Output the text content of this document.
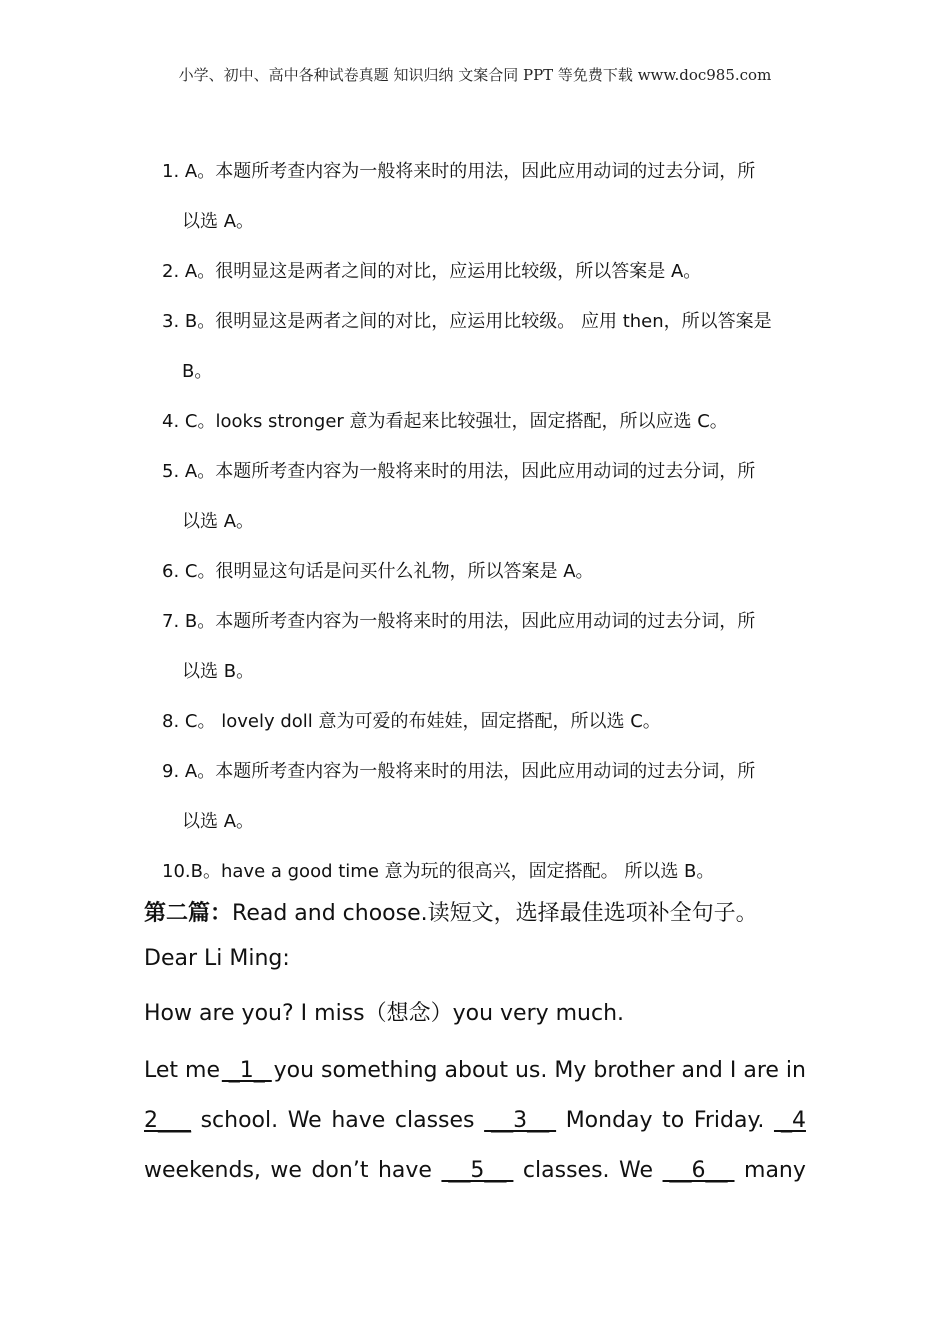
小学、初中、高中各种试卷真题 知识归纳 文案合同 PPT 等免费下载 www.doc985.com
1. A。本题所考查内容为一般将来时的用法，因此应用动词的过去分词，所
以选 A。
2. A。很明显这是两者之间的对比，应运用比较级，所以答案是 A。
3. B。很明显这是两者之间的对比，应运用比较级。 应用 then，所以答案是
B。
4. C。looks stronger 意为看起来比较强壮，固定搭配，所以应选 C。
5. A。本题所考查内容为一般将来时的用法，因此应用动词的过去分词，所
以选 A。
6. C。很明显这句话是问买什么礼物，所以答案是 A。
7. B。本题所考查内容为一般将来时的用法，因此应用动词的过去分词，所
以选 B。
8. C。 lovely doll 意为可爱的布娃娃，固定搭配，所以选 C。
9. A。本题所考查内容为一般将来时的用法，因此应用动词的过去分词，所
以选 A。
10.B。have a good time 意为玩的很高兴，固定搭配。 所以选 B。
第二篇：Read and choose.读短文，选择最佳选项补全句子。
Dear Li Ming:
How are you? I miss（想念）you very much.
Let me _1_ you something about us. My brother and I are in
2___ school. We have classes __3__ Monday to Friday. _4
weekends, we don’t have __5__ classes. We __6__ many
